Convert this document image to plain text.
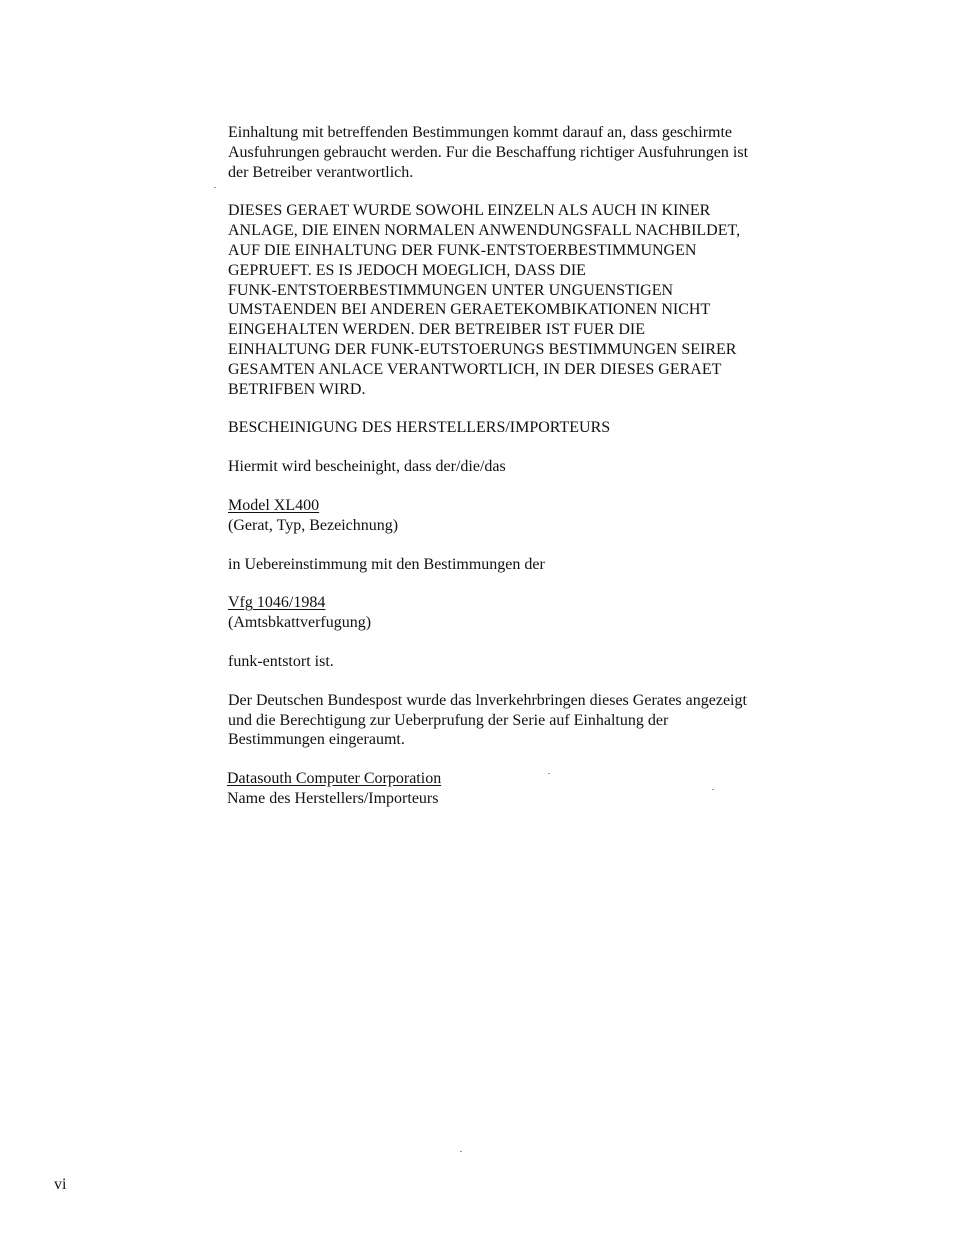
Einhaltung mit betreffenden Bestimmungen kommt darauf an, dass geschirmte
Ausfuhrungen gebraucht werden. Fur die Beschaffung richtiger Ausfuhrungen ist
der Betreiber verantwortlich.

DIESES GERAET WURDE SOWOHL EINZELN ALS AUCH IN KINER
ANLAGE, DIE EINEN NORMALEN ANWENDUNGSFALL NACHBILDET,
AUF DIE EINHALTUNG DER FUNK-ENTSTOERBESTIMMUNGEN
GEPRUEFT. ES IS JEDOCH MOEGLICH, DASS DIE
FUNK-ENTSTOERBESTIMMUNGEN UNTER UNGUENSTIGEN
UMSTAENDEN BEI ANDEREN GERAETEKOMBIKATIONEN NICHT
EINGEHALTEN WERDEN. DER BETREIBER IST FUER DIE
EINHALTUNG DER FUNK-EUTSTOERUNGS BESTIMMUNGEN SEIRER
GESAMTEN ANLACE VERANTWORTLICH, IN DER DIESES GERAET
BETRIFBEN WIRD.

BESCHEINIGUNG DES HERSTELLERS/IMPORTEURS

Hiermit wird bescheinight, dass der/die/das

Model XL400
(Gerat, Typ, Bezeichnung)

in Uebereinstimmung mit den Bestimmungen der

Vfg 1046/1984
(Amtsbkattverfugung)

funk-entstort ist.

Der Deutschen Bundespost wurde das lnverkehrbringen dieses Gerates angezeigt
und die Berechtigung zur Ueberprufung der Serie auf Einhaltung der
Bestimmungen eingeraumt.

Datasouth Computer Corporation
Name des Herstellers/Importeurs

vi
